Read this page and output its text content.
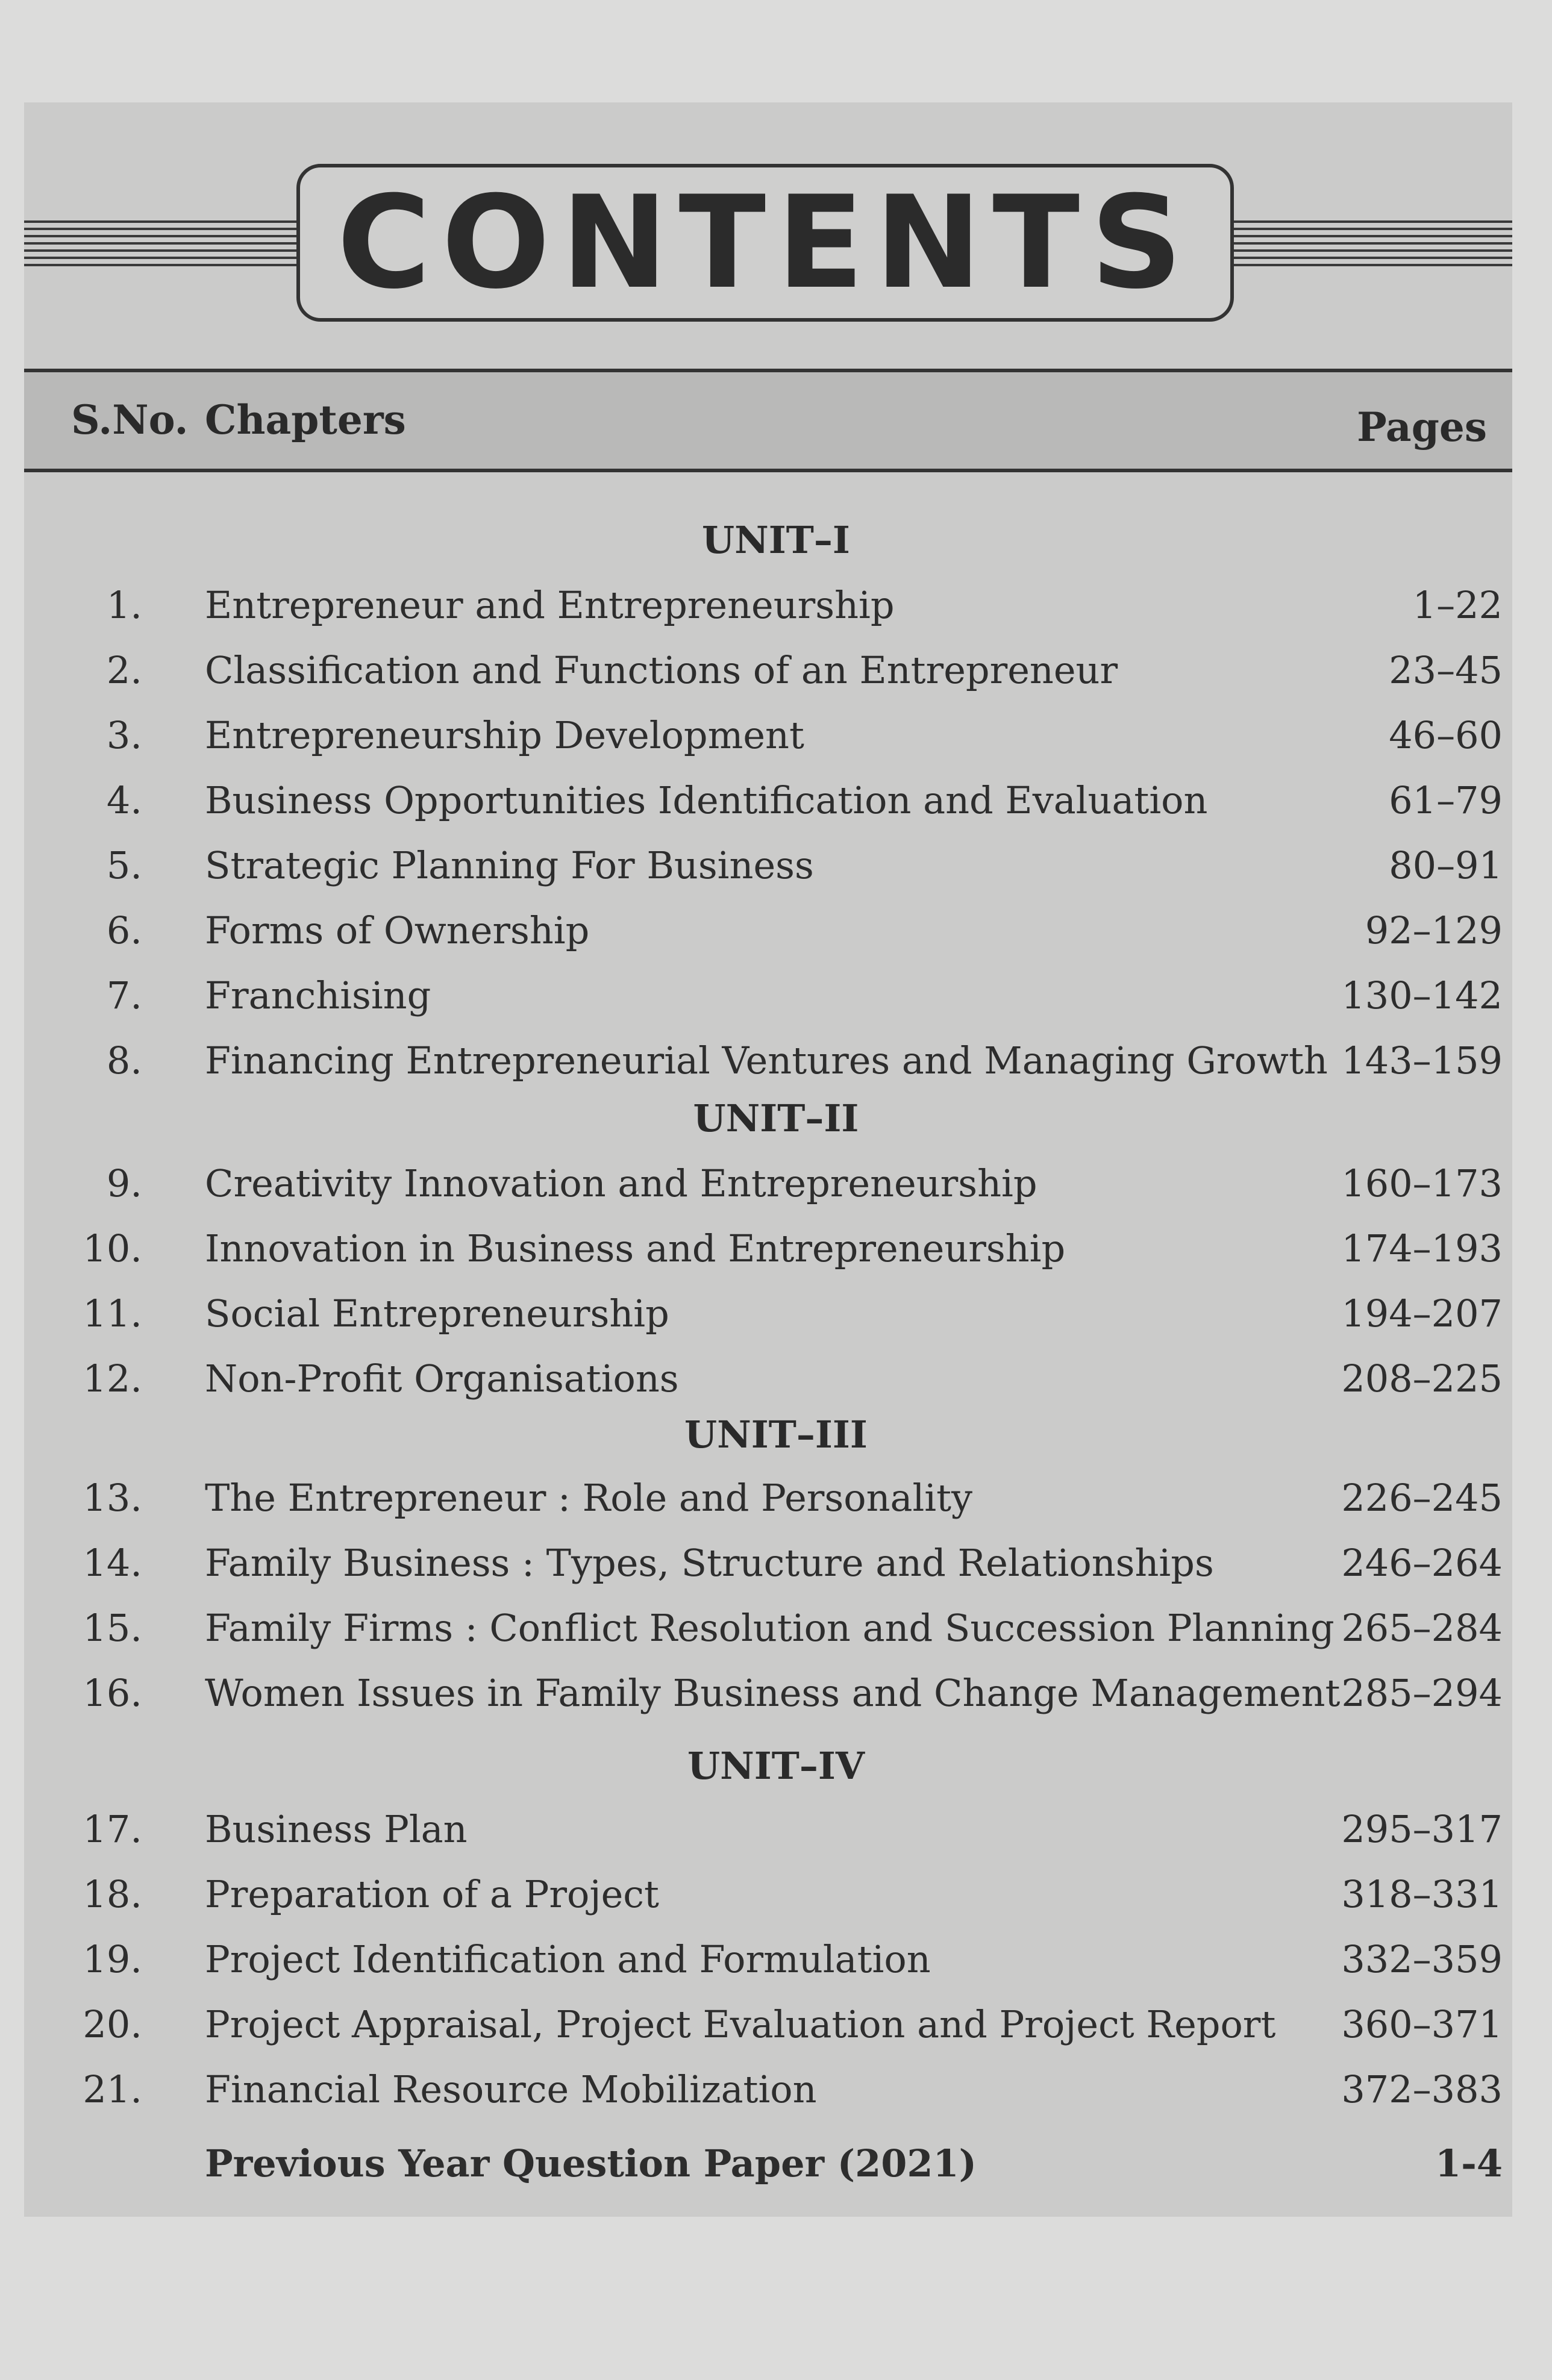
CONTENTS
S.No. Chapters	Pages
UNIT–I
1. Entrepreneur and Entrepreneurship	1–22
2. Classification and Functions of an Entrepreneur	23–45
3. Entrepreneurship Development	46–60
4. Business Opportunities Identification and Evaluation	61–79
5. Strategic Planning For Business	80–91
6. Forms of Ownership	92–129
7. Franchising	130–142
8. Financing Entrepreneurial Ventures and Managing Growth 143–159
UNIT–II
9. Creativity Innovation and Entrepreneurship	160–173
10. Innovation in Business and Entrepreneurship	174–193
11. Social Entrepreneurship	194–207
12. Non-Profit Organisations	208–225
UNIT–III
13. The Entrepreneur : Role and Personality	226–245
14. Family Business : Types, Structure and Relationships	246–264
15. Family Firms : Conflict Resolution and Succession Planning 265–284
16. Women Issues in Family Business and Change Management 285–294
UNIT–IV
17. Business Plan	295–317
18. Preparation of a Project	318–331
19. Project Identification and Formulation	332–359
20. Project Appraisal, Project Evaluation and Project Report 360–371
21. Financial Resource Mobilization	372–383
Previous Year Question Paper (2021)	1-4
